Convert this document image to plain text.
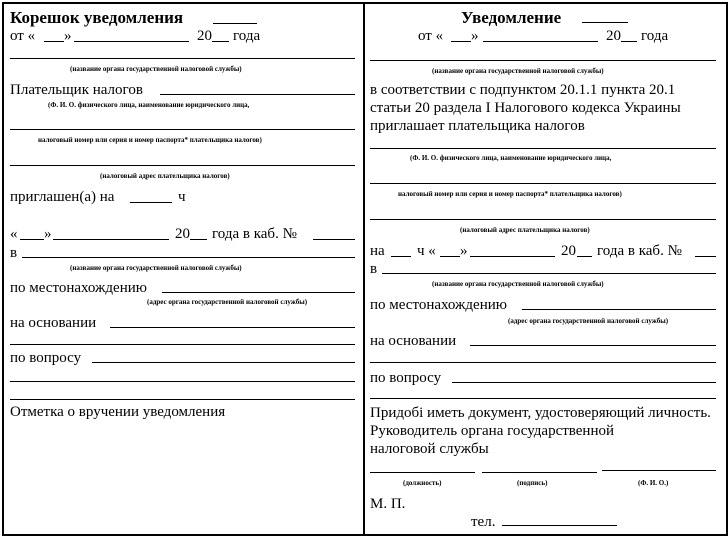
Корешок уведомления
от « »	20 года
(название органа государственной налоговой службы)
Плательщик налогов
(Ф. И. О. физического лица, наименование юридического лица,
налоговый номер или серия и номер паспорта* плательщика налогов)
(налоговый адрес плательщика налогов)
приглашен(а) на	ч
« »	20 года в каб. №
в
(название органа государственной налоговой службы)
по местонахождению
(адрес органа государственной налоговой службы)
на основании
по вопросу
Отметка о вручении уведомления
Уведомление
от « »	20 года
(название органа государственной налоговой службы)
в соответствии с подпунктом 20.1.1 пункта 20.1
статьи 20 раздела I Налогового кодекса Украины
приглашает плательщика налогов
(Ф. И. О. физического лица, наименование юридического лица,
налоговый номер или серия и номер паспорта* плательщика налогов)
(налоговый адрес плательщика налогов)
на ч « »	20 года в каб. №
в
(название органа государственной налоговой службы)
по местонахождению
(адрес органа государственной налоговой службы)
на основании
по вопросу
Придобі иметь документ, удостоверяющий личность.
Руководитель органа государственной
налоговой службы
(должность)	(подпись)	(Ф. И. О.)
М. П.
тел.
